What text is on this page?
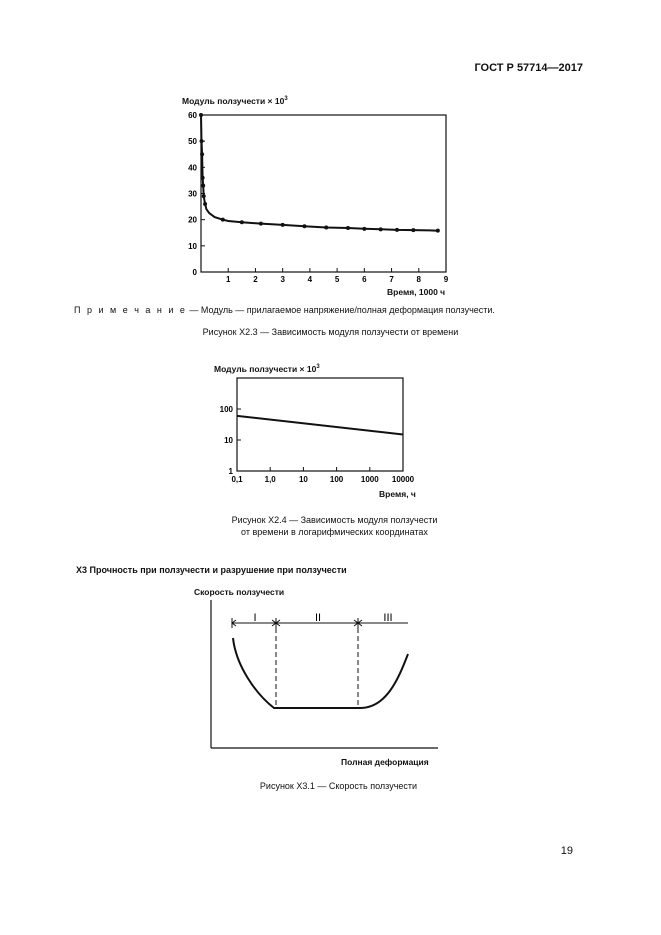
ГОСТ Р 57714—2017
Модуль ползучести × $10^3$
1	2	3	4	5	6	7	8	9
0
10
20
30
40
50
60
Время, 1000 ч
П р и м е ч а н и е — Модуль — прилагаемое напряжение/полная деформация ползучести.
Рисунок Х2.3 — Зависимость модуля ползучести от времени
Модуль ползучести × $10^3$
0,1	1,0	10	100 1000 10000
1
10
100
Время, ч
Рисунок Х2.4 — Зависимость модуля ползучести
от времени в логарифмических координатах
Х3 Прочность при ползучести и разрушение при ползучести
Скорость ползучести
I	II	III
Полная деформация
Рисунок Х3.1 — Скорость ползучести
19
